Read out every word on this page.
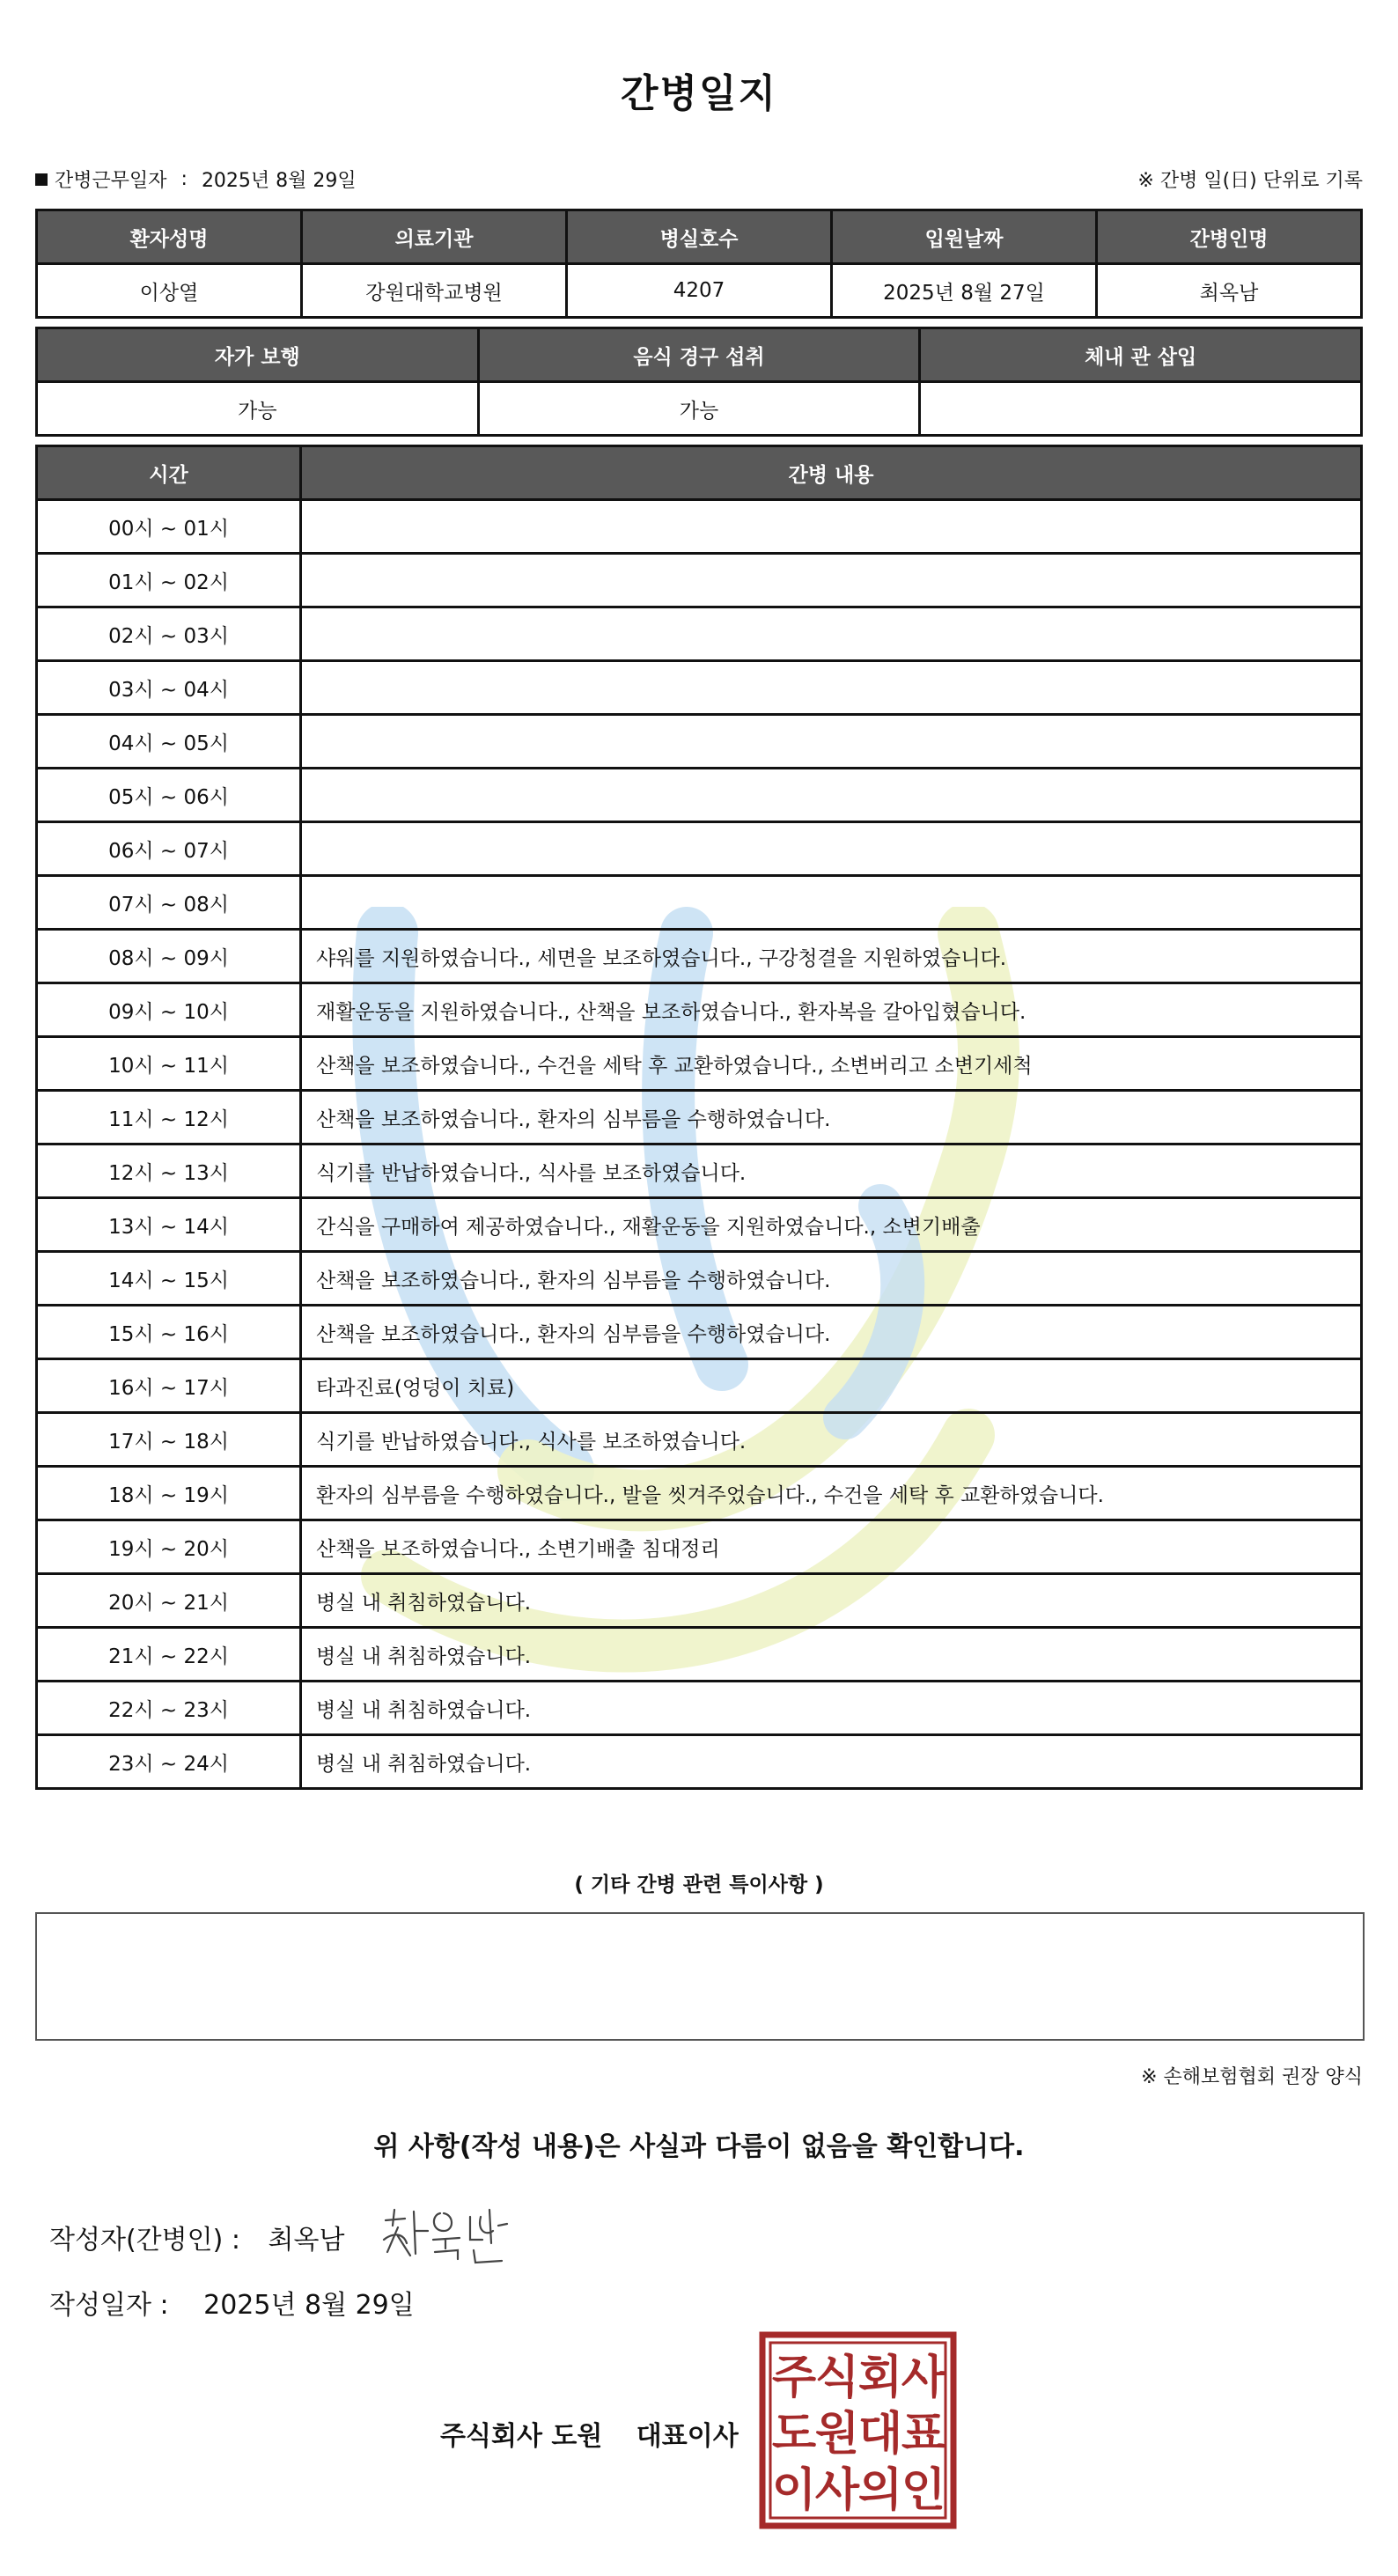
간병일지
간병근무일자 : 2025년 8월 29일	※ 간병 일(日) 단위로 기록
환자성명	의료기관	병실호수	입원날짜	간병인명
이상열	강원대학교병원	4207	2025년 8월 27일	최옥남
자가 보행	음식 경구 섭취	체내 관 삽입
가능	가능	
시간	간병 내용
00시 ~ 01시	
01시 ~ 02시	
02시 ~ 03시	
03시 ~ 04시	
04시 ~ 05시	
05시 ~ 06시	
06시 ~ 07시	
07시 ~ 08시	
08시 ~ 09시	샤워를 지원하였습니다., 세면을 보조하였습니다., 구강청결을 지원하였습니다.
09시 ~ 10시	재활운동을 지원하였습니다., 산책을 보조하였습니다., 환자복을 갈아입혔습니다.
10시 ~ 11시	산책을 보조하였습니다., 수건을 세탁 후 교환하였습니다., 소변버리고 소변기세척
11시 ~ 12시	산책을 보조하였습니다., 환자의 심부름을 수행하였습니다.
12시 ~ 13시	식기를 반납하였습니다., 식사를 보조하였습니다.
13시 ~ 14시	간식을 구매하여 제공하였습니다., 재활운동을 지원하였습니다., 소변기배출
14시 ~ 15시	산책을 보조하였습니다., 환자의 심부름을 수행하였습니다.
15시 ~ 16시	산책을 보조하였습니다., 환자의 심부름을 수행하였습니다.
16시 ~ 17시	타과진료(엉덩이 치료)
17시 ~ 18시	식기를 반납하였습니다., 식사를 보조하였습니다.
18시 ~ 19시	환자의 심부름을 수행하였습니다., 발을 씻겨주었습니다., 수건을 세탁 후 교환하였습니다.
19시 ~ 20시	산책을 보조하였습니다., 소변기배출 침대정리
20시 ~ 21시	병실 내 취침하였습니다.
21시 ~ 22시	병실 내 취침하였습니다.
22시 ~ 23시	병실 내 취침하였습니다.
23시 ~ 24시	병실 내 취침하였습니다.
( 기타 간병 관련 특이사항 )
※ 손해보험협회 권장 양식
위 사항(작성 내용)은 사실과 다름이 없음을 확인합니다.
작성자(간병인) : 최옥남
작성일자 : 2025년 8월 29일
주식회사 도원 대표이사
주
식
회
사
도
원
대
표
이
사
의
인
